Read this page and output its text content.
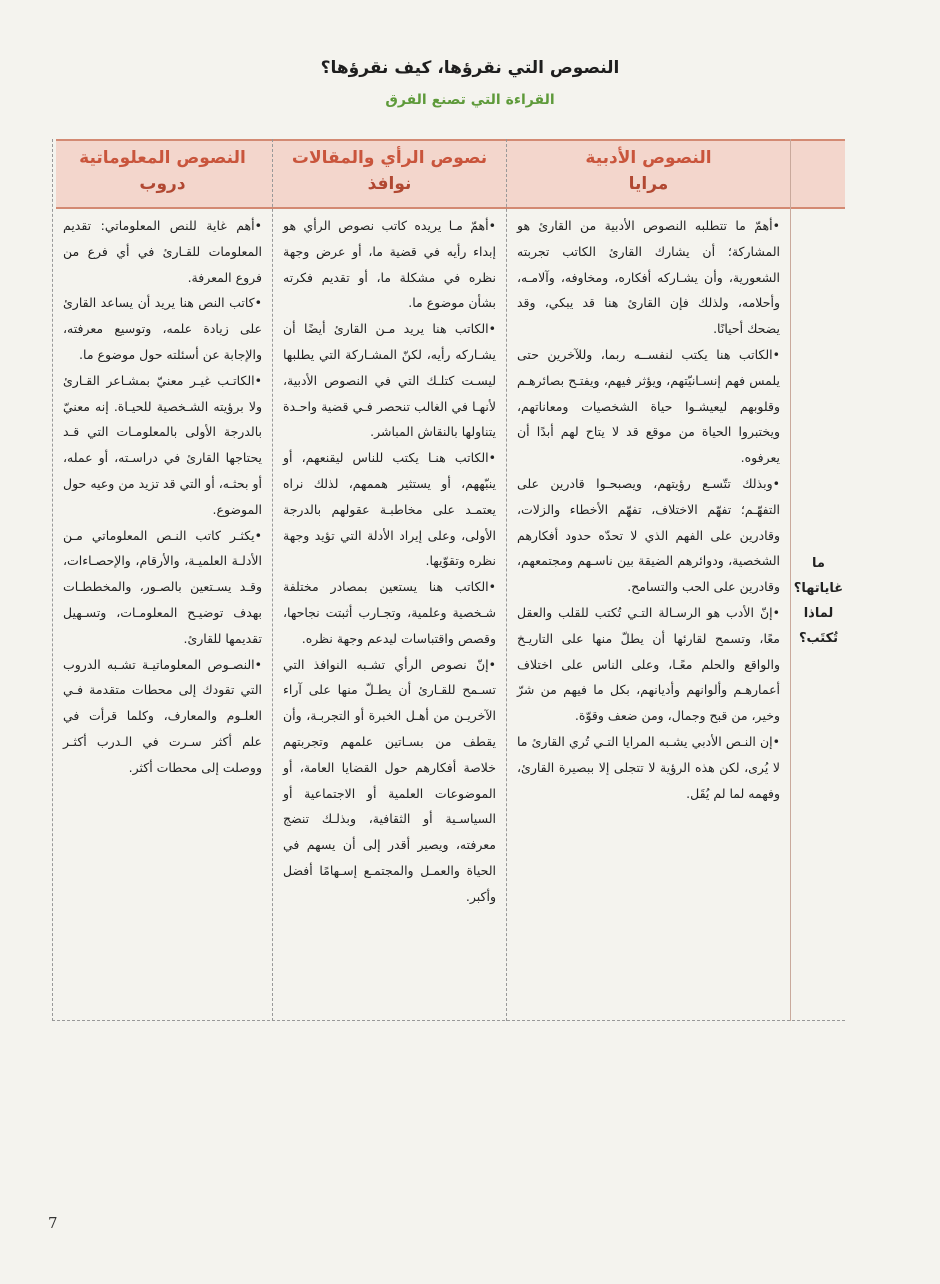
النصوص التي نقرؤها، كيف نقرؤها؟
القراءة التي تصنع الفرق
ما غاياتها؟
لماذا تُكتَب؟
النصوص الأدبية
مرايا

•أهمّ ما تتطلبه النصوص الأدبية من القارئ هو المشاركة؛ أن يشارك القارئ الكاتب تجربته الشعورية، وأن يشـاركه أفكاره، ومخاوفه، وآلامـه، وأحلامه، ولذلك فإن القارئ هنا قد يبكي، وقد يضحك أحيانًا.

•الكاتب هنا يكتب لنفســه ربما، وللآخرين حتى يلمس فهم إنسـانيّتهم، ويؤثر فيهم، ويفتـح بصائرهـم وقلوبهم ليعيشـوا حياة الشخصيات ومعاناتهم، ويختبروا الحياة من موقع قد لا يتاح لهم أبدًا أن يعرفوه.

•وبذلك تتّسـع رؤيتهم، ويصبحـوا قادرين على التفهّـم؛ تفهّم الاختلاف، تفهّم الأخطاء والزلات، وقادرين على الفهم الذي لا تحدّه حدود أفكارهم الشخصية، ودوائرهم الضيقة بين ناسـهم ومجتمعهم، وقادرين على الحب والتسامح.

•إنّ الأدب هو الرسـالة التـي تُكتب للقلب والعقل معًا، وتسمح لقارئها أن يطلّ منها على التاريـخ والواقع والحلم معًـا، وعلى الناس على اختلاف أعمارهـم وألوانهم وأديانهم، بكل ما فيهم من شرّ وخير، من قبح وجمال، ومن ضعف وقوّة.

•إن النـص الأدبي يشـبه المرايا التـي تُري القارئ ما لا يُرى، لكن هذه الرؤية لا تتجلى إلا ببصيرة القارئ، وفهمه لما لم يُقَل.

نصوص الرأي والمقالات
نوافذ

•أهمّ مـا يريده كاتب نصوص الرأي هو إبداء رأيه في قضية ما، أو عرض وجهة نظره في مشكلة ما، أو تقديم فكرته بشأن موضوع ما.

•الكاتب هنا يريد مـن القارئ أيضًا أن يشـاركه رأيه، لكنّ المشـاركة التي يطلبها ليسـت كتلـك التي في النصوص الأدبية، لأنهـا في الغالب تنحصر فـي قضية واحـدة يتناولها بالنقاش المباشر.

•الكاتب هنـا يكتب للناس ليقنعهم، أو ينبّههم، أو يستثير هممهم، لذلك نراه يعتمـد على مخاطبـة عقولهم بالدرجة الأولى، وعلى إيراد الأدلة التي تؤيد وجهة نظره وتقوّيها.

•الكاتب هنا يستعين بمصادر مختلفة شـخصية وعلمية، وتجـارب أثبتت نجاحها، وقصص واقتباسات ليدعم وجهة نظره.

•إنّ نصوص الرأي تشـبه النوافذ التي تسـمح للقـارئ أن يطـلّ منها على آراء الآخريـن من أهـل الخبرة أو التجربـة، وأن يقطف من بسـاتين علمهم وتجربتهم خلاصة أفكارهم حول القضايا العامة، أو الموضوعات العلمية أو الاجتماعية أو السياسـية أو الثقافية، وبذلـك تنضج معرفته، ويصير أقدر إلى أن يسهم في الحياة والعمـل والمجتمـع إسـهامًا أفضل وأكبر.

النصوص المعلوماتية
دروب

•أهم غاية للنص المعلوماتي: تقديم المعلومات للقـارئ في أي فرع من فروع المعرفة.

•كاتب النص هنا يريد أن يساعد القارئ على زيادة علمه، وتوسيع معرفته، والإجابة عن أسئلته حول موضوع ما.

•الكاتـب غيـر معنيّ بمشـاعر القـارئ ولا برؤيته الشـخصية للحيـاة. إنه معنيّ بالدرجة الأولى بالمعلومـات التي قـد يحتاجها القارئ في دراسـته، أو عمله، أو بحثـه، أو التي قد تزيد من وعيه حول الموضوع.

•يكثـر كاتب النـص المعلوماتي مـن الأدلـة العلميـة، والأرقام، والإحصـاءات، وقـد يسـتعين بالصـور، والمخططـات بهدف توضيـح المعلومـات، وتسـهيل تقديمها للقارئ.

•النصـوص المعلوماتيـة تشـبه الدروب التي تقودك إلى محطات متقدمة فـي العلـوم والمعارف، وكلما قرأت في علم أكثر سـرت في الـدرب أكثـر ووصلت إلى محطات أكثر.

7
